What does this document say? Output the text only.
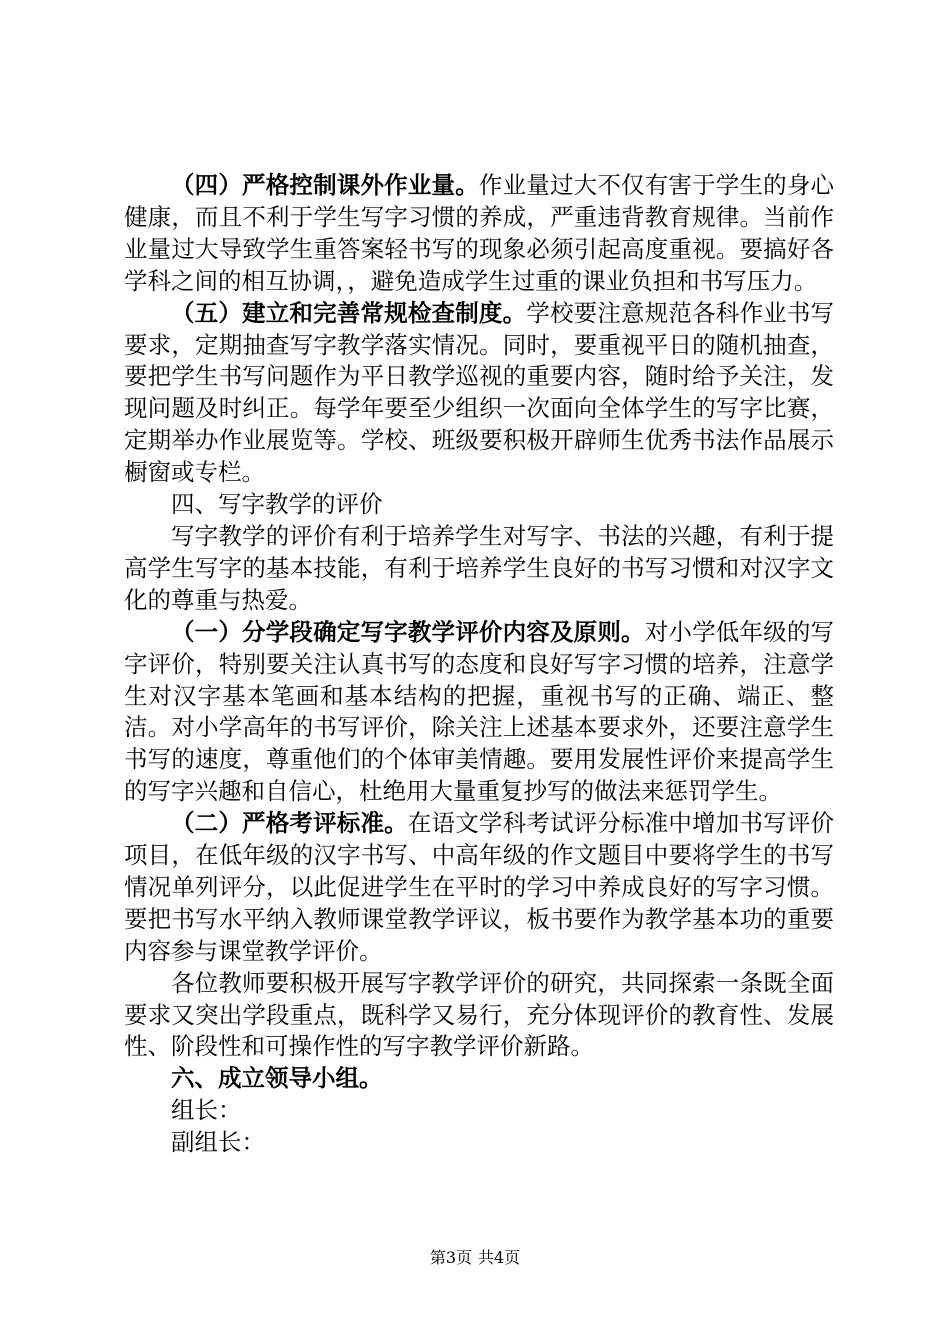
（四）严格控制课外作业量。作业量过大不仅有害于学生的身心健康，而且不利于学生写字习惯的养成，严重违背教育规律。当前作业量过大导致学生重答案轻书写的现象必须引起高度重视。要搞好各学科之间的相互协调，，避免造成学生过重的课业负担和书写压力。

（五）建立和完善常规检查制度。学校要注意规范各科作业书写要求，定期抽查写字教学落实情况。同时，要重视平日的随机抽查，要把学生书写问题作为平日教学巡视的重要内容，随时给予关注，发现问题及时纠正。每学年要至少组织一次面向全体学生的写字比赛，定期举办作业展览等。学校、班级要积极开辟师生优秀书法作品展示橱窗或专栏。

四、写字教学的评价

写字教学的评价有利于培养学生对写字、书法的兴趣，有利于提高学生写字的基本技能，有利于培养学生良好的书写习惯和对汉字文化的尊重与热爱。

（一）分学段确定写字教学评价内容及原则。对小学低年级的写字评价，特别要关注认真书写的态度和良好写字习惯的培养，注意学生对汉字基本笔画和基本结构的把握，重视书写的正确、端正、整洁。对小学高年的书写评价，除关注上述基本要求外，还要注意学生书写的速度，尊重他们的个体审美情趣。要用发展性评价来提高学生的写字兴趣和自信心，杜绝用大量重复抄写的做法来惩罚学生。

（二）严格考评标准。在语文学科考试评分标准中增加书写评价项目，在低年级的汉字书写、中高年级的作文题目中要将学生的书写情况单列评分，以此促进学生在平时的学习中养成良好的写字习惯。要把书写水平纳入教师课堂教学评议，板书要作为教学基本功的重要内容参与课堂教学评价。

各位教师要积极开展写字教学评价的研究，共同探索一条既全面要求又突出学段重点，既科学又易行，充分体现评价的教育性、发展性、阶段性和可操作性的写字教学评价新路。

六、成立领导小组。

组长：

副组长：

第3页 共4页
